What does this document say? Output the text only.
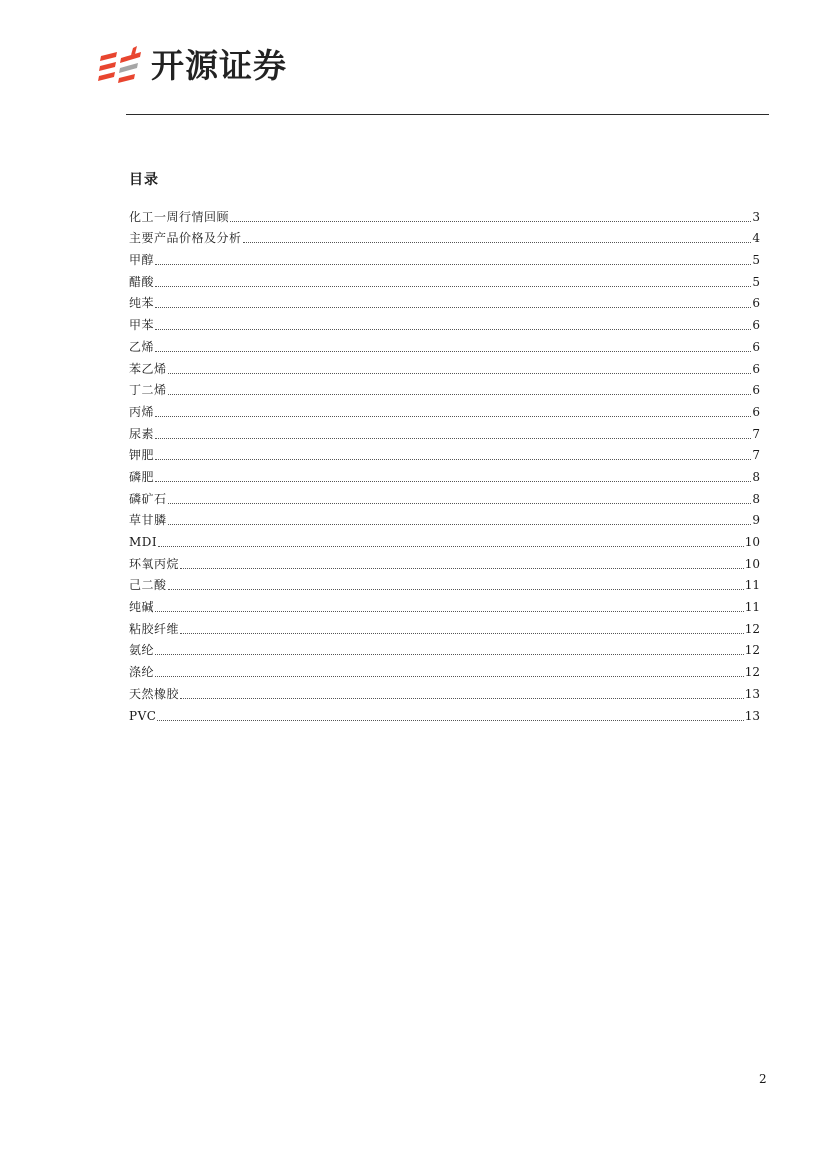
开源证券
目录
化工一周行情回顾	3
主要产品价格及分析	4
甲醇	5
醋酸	5
纯苯	6
甲苯	6
乙烯	6
苯乙烯	6
丁二烯	6
丙烯	6
尿素	7
钾肥	7
磷肥	8
磷矿石	8
草甘膦	9
MDI	10
环氧丙烷	10
己二酸	11
纯碱	11
粘胶纤维	12
氨纶	12
涤纶	12
天然橡胶	13
PVC	13
2
